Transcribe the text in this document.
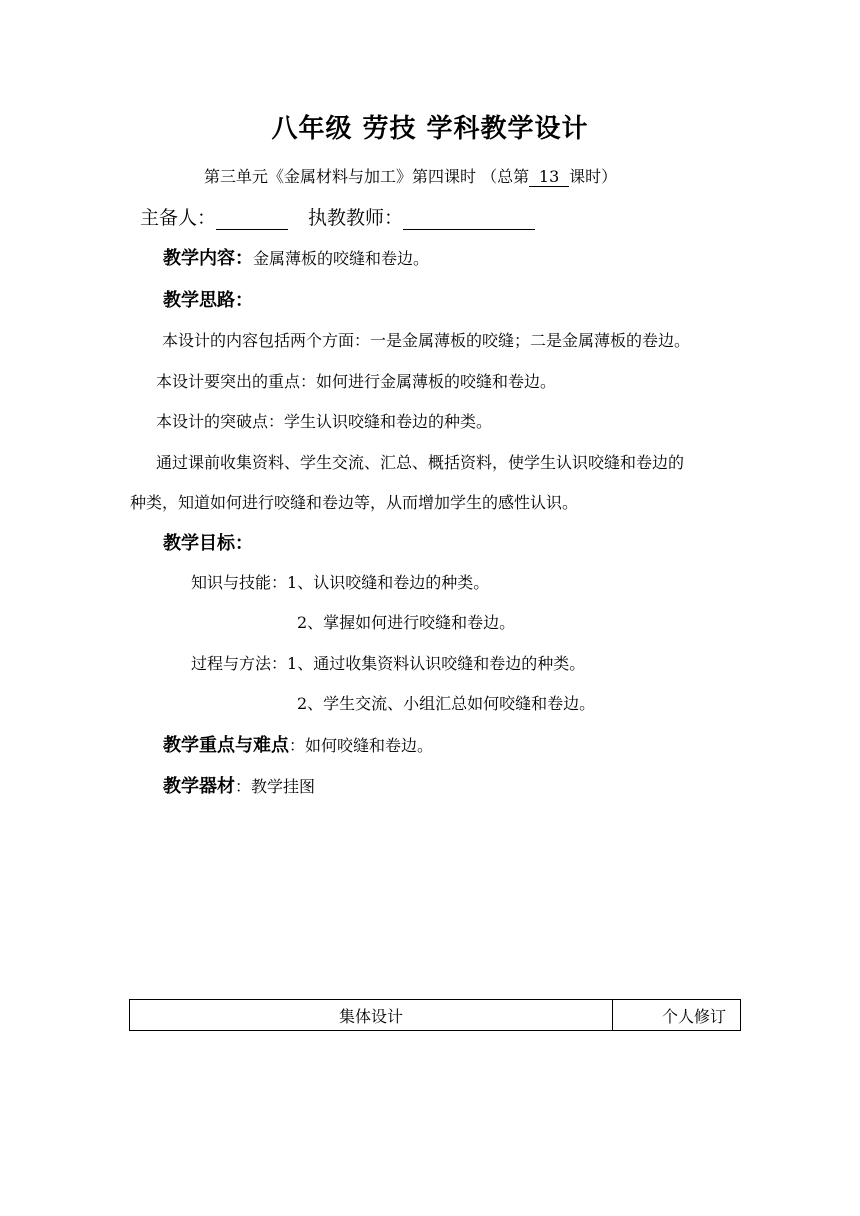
八年级 劳技 学科教学设计
第三单元《金属材料与加工》第四课时 （总第 13 课时）
主备人：	执教教师：
教学内容：金属薄板的咬缝和卷边。
教学思路：
本设计的内容包括两个方面：一是金属薄板的咬缝；二是金属薄板的卷边。
本设计要突出的重点：如何进行金属薄板的咬缝和卷边。
本设计的突破点：学生认识咬缝和卷边的种类。
通过课前收集资料、学生交流、汇总、概括资料，使学生认识咬缝和卷边的
种类，知道如何进行咬缝和卷边等，从而增加学生的感性认识。
教学目标：
知识与技能：1、认识咬缝和卷边的种类。
2、掌握如何进行咬缝和卷边。
过程与方法：1、通过收集资料认识咬缝和卷边的种类。
2、学生交流、小组汇总如何咬缝和卷边。
教学重点与难点：如何咬缝和卷边。
教学器材：教学挂图
集体设计	个人修订
